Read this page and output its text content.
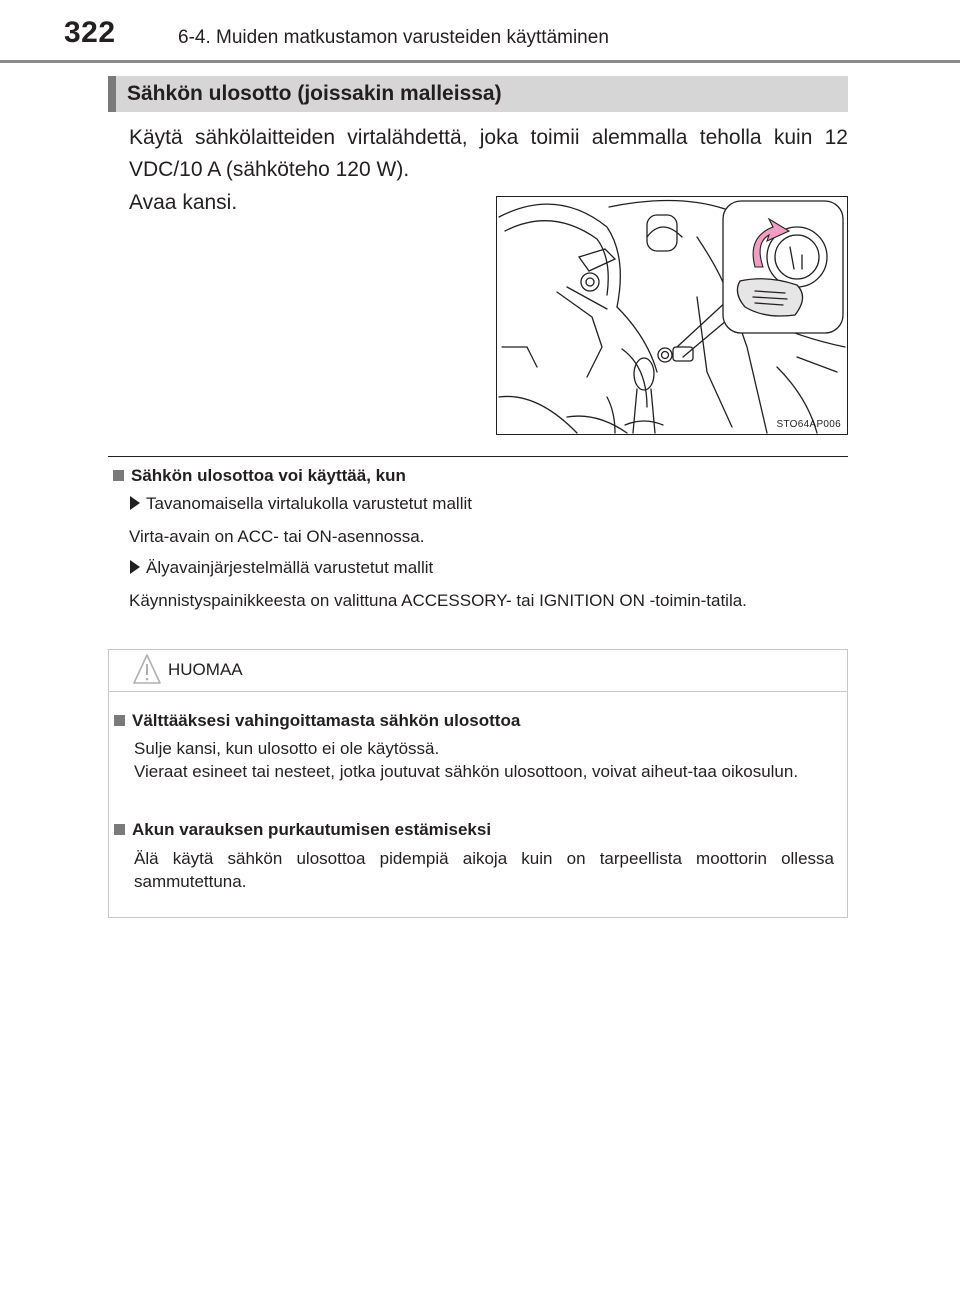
322	6-4. Muiden matkustamon varusteiden käyttäminen
Sähkön ulosotto (joissakin malleissa)
Käytä sähkölaitteiden virtalähdettä, joka toimii alemmalla teholla kuin 12 VDC/10 A (sähköteho 120 W).
Avaa kansi.
STO64AP006
Sähkön ulosottoa voi käyttää, kun
Tavanomaisella virtalukolla varustetut mallit
Virta-avain on ACC- tai ON-asennossa.
Älyavainjärjestelmällä varustetut mallit
Käynnistyspainikkeesta on valittuna ACCESSORY- tai IGNITION ON -toimin-tatila.
HUOMAA
Välttääksesi vahingoittamasta sähkön ulosottoa
Sulje kansi, kun ulosotto ei ole käytössä.
Vieraat esineet tai nesteet, jotka joutuvat sähkön ulosottoon, voivat aiheut-taa oikosulun.
Akun varauksen purkautumisen estämiseksi
Älä käytä sähkön ulosottoa pidempiä aikoja kuin on tarpeellista moottorin ollessa sammutettuna.
